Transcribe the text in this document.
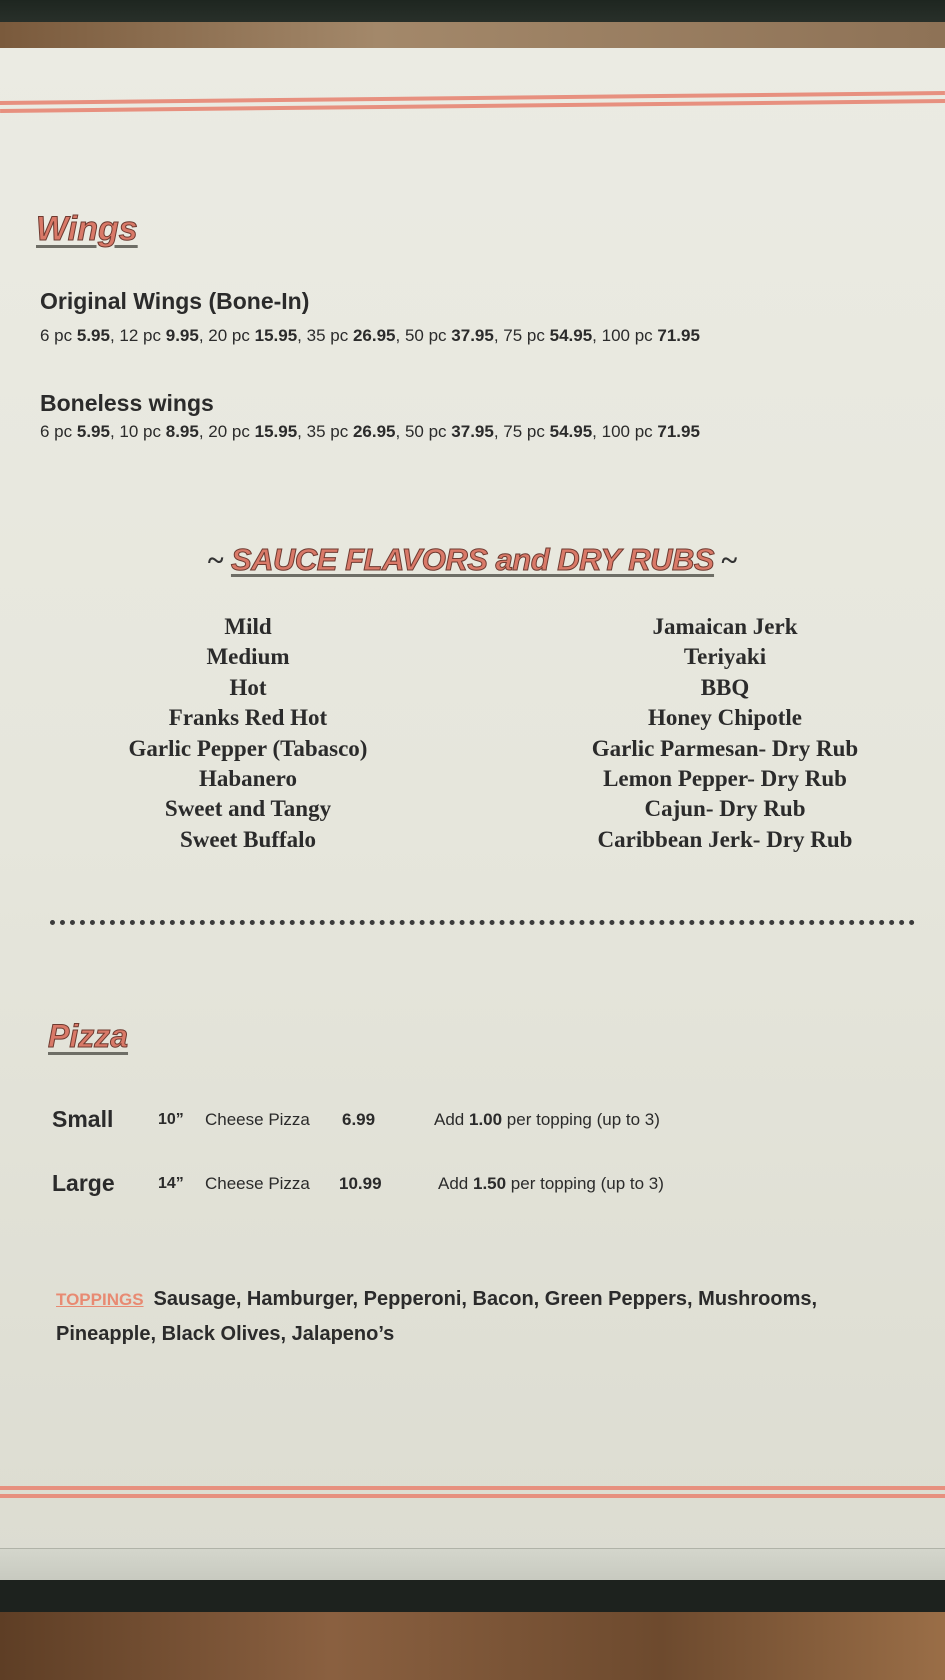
Wings
Original Wings (Bone-In)
6 pc 5.95, 12 pc 9.95, 20 pc 15.95, 35 pc 26.95, 50 pc 37.95, 75 pc 54.95, 100 pc 71.95
Boneless wings
6 pc 5.95, 10 pc 8.95, 20 pc 15.95, 35 pc 26.95, 50 pc 37.95, 75 pc 54.95, 100 pc 71.95
~ SAUCE FLAVORS and DRY RUBS ~
Mild
Medium
Hot
Franks Red Hot
Garlic Pepper (Tabasco)
Habanero
Sweet and Tangy
Sweet Buffalo
Jamaican Jerk
Teriyaki
BBQ
Honey Chipotle
Garlic Parmesan- Dry Rub
Lemon Pepper- Dry Rub
Cajun- Dry Rub
Caribbean Jerk- Dry Rub
Pizza
Small	10” Cheese Pizza 6.99	Add 1.00 per topping (up to 3)
Large	14” Cheese Pizza 10.99	Add 1.50 per topping (up to 3)
TOPPINGS Sausage, Hamburger, Pepperoni, Bacon, Green Peppers, Mushrooms, Pineapple, Black Olives, Jalapeno’s
